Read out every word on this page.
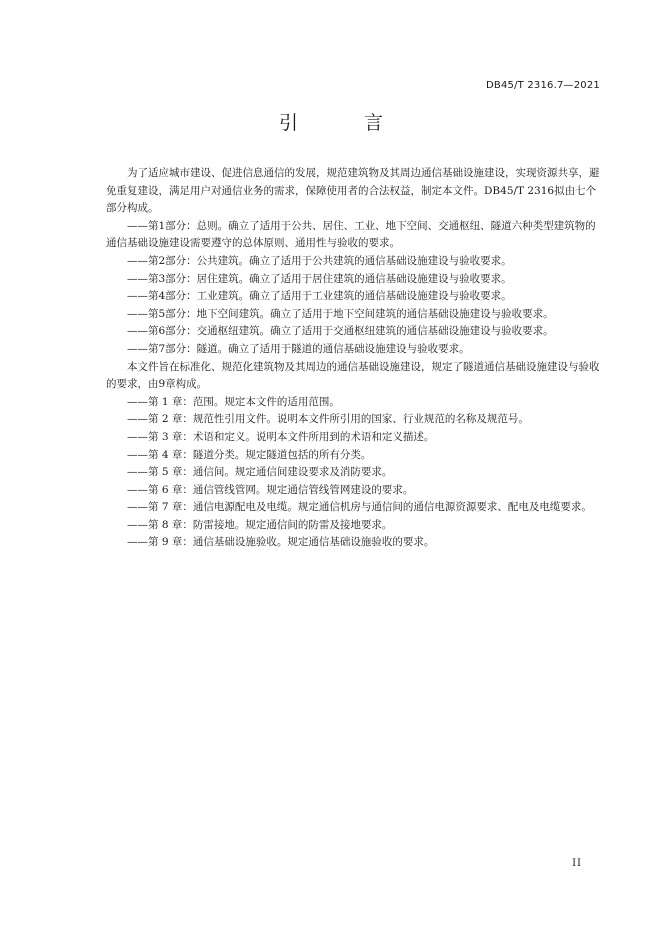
DB45/T 2316.7—2021
引 言

为了适应城市建设、促进信息通信的发展，规范建筑物及其周边通信基础设施建设，实现资源共享，避免重复建设，满足用户对通信业务的需求，保障使用者的合法权益，制定本文件。DB45/T 2316拟由七个部分构成。

——第1部分：总则。确立了适用于公共、居住、工业、地下空间、交通枢纽、隧道六种类型建筑物的通信基础设施建设需要遵守的总体原则、通用性与验收的要求。

——第2部分：公共建筑。确立了适用于公共建筑的通信基础设施建设与验收要求。

——第3部分：居住建筑。确立了适用于居住建筑的通信基础设施建设与验收要求。

——第4部分：工业建筑。确立了适用于工业建筑的通信基础设施建设与验收要求。

——第5部分：地下空间建筑。确立了适用于地下空间建筑的通信基础设施建设与验收要求。

——第6部分：交通枢纽建筑。确立了适用于交通枢纽建筑的通信基础设施建设与验收要求。

——第7部分：隧道。确立了适用于隧道的通信基础设施建设与验收要求。

本文件旨在标准化、规范化建筑物及其周边的通信基础设施建设，规定了隧道通信基础设施建设与验收的要求，由9章构成。

——第 1 章：范围。规定本文件的适用范围。

——第 2 章：规范性引用文件。说明本文件所引用的国家、行业规范的名称及规范号。

——第 3 章：术语和定义。说明本文件所用到的术语和定义描述。

——第 4 章：隧道分类。规定隧道包括的所有分类。

——第 5 章：通信间。规定通信间建设要求及消防要求。

——第 6 章：通信管线管网。规定通信管线管网建设的要求。

——第 7 章：通信电源配电及电缆。规定通信机房与通信间的通信电源资源要求、配电及电缆要求。

——第 8 章：防雷接地。规定通信间的防雷及接地要求。

——第 9 章：通信基础设施验收。规定通信基础设施验收的要求。

II
